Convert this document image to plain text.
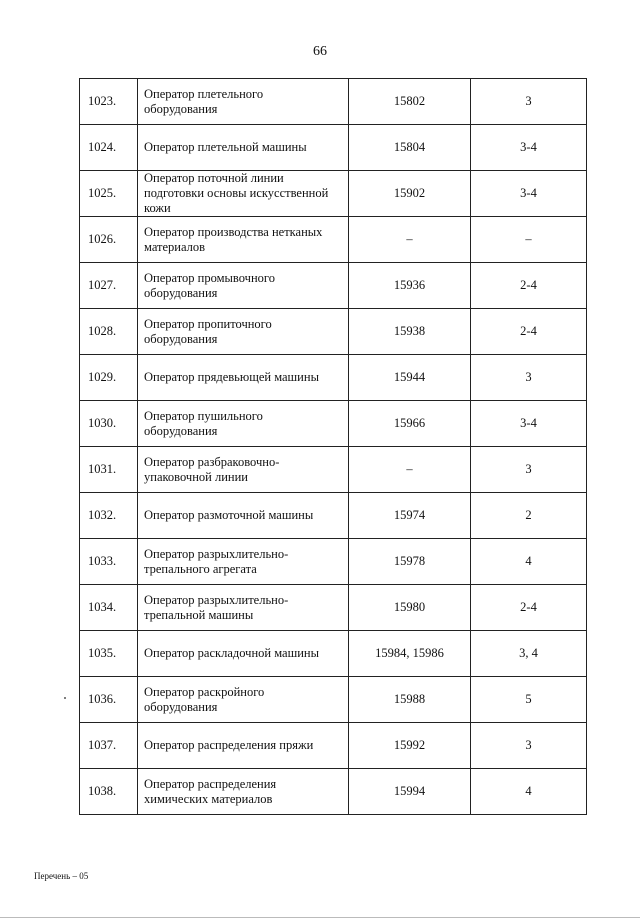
66
1023.	Оператор плетельного
оборудования	15802	3
1024.	Оператор плетельной машины	15804	3-4
1025.	Оператор поточной линии
подготовки основы искусственной
кожи	15902	3-4
1026.	Оператор производства нетканых
материалов	–	–
1027.	Оператор промывочного
оборудования	15936	2-4
1028.	Оператор пропиточного
оборудования	15938	2-4
1029.	Оператор прядевьющей машины	15944	3
1030.	Оператор пушильного
оборудования	15966	3-4
1031.	Оператор разбраковочно-
упаковочной линии	–	3
1032.	Оператор размоточной машины	15974	2
1033.	Оператор разрыхлительно-
трепального агрегата	15978	4
1034.	Оператор разрыхлительно-
трепальной машины	15980	2-4
1035.	Оператор раскладочной машины	15984, 15986	3, 4
1036.	Оператор раскройного
оборудования	15988	5
1037.	Оператор распределения пряжи	15992	3
1038.	Оператор распределения
химических материалов	15994	4
Перечень – 05
